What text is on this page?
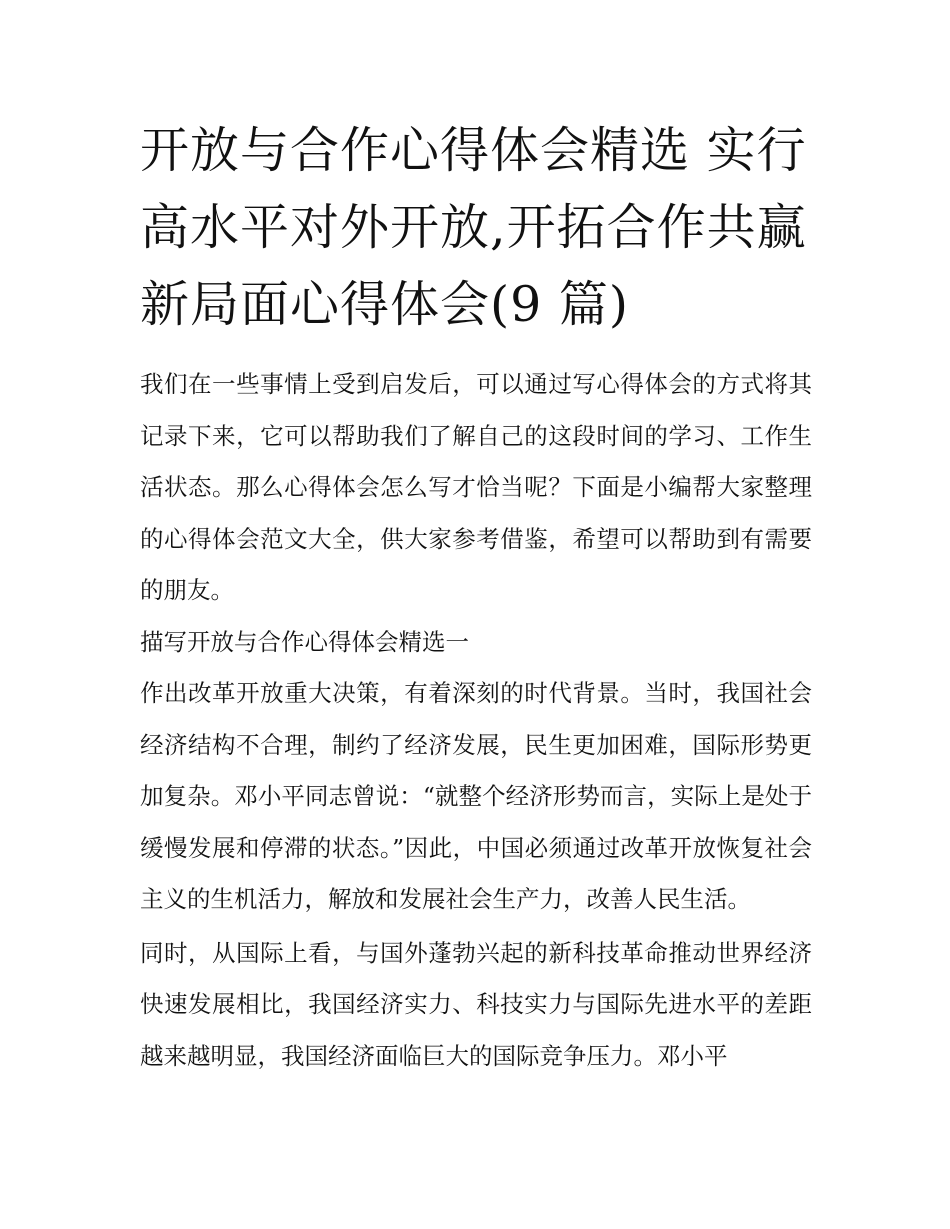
开放与合作心得体会精选 实行高水平对外开放,开拓合作共赢新局面心得体会(9 篇)

我们在一些事情上受到启发后，可以通过写心得体会的方式将其记录下来，它可以帮助我们了解自己的这段时间的学习、工作生活状态。那么心得体会怎么写才恰当呢？下面是小编帮大家整理的心得体会范文大全，供大家参考借鉴，希望可以帮助到有需要的朋友。

描写开放与合作心得体会精选一

作出改革开放重大决策，有着深刻的时代背景。当时，我国社会经济结构不合理，制约了经济发展，民生更加困难，国际形势更加复杂。邓小平同志曾说：“就整个经济形势而言，实际上是处于缓慢发展和停滞的状态。”因此，中国必须通过改革开放恢复社会主义的生机活力，解放和发展社会生产力，改善人民生活。

同时，从国际上看，与国外蓬勃兴起的新科技革命推动世界经济快速发展相比，我国经济实力、科技实力与国际先进水平的差距越来越明显，我国经济面临巨大的国际竞争压力。邓小平
